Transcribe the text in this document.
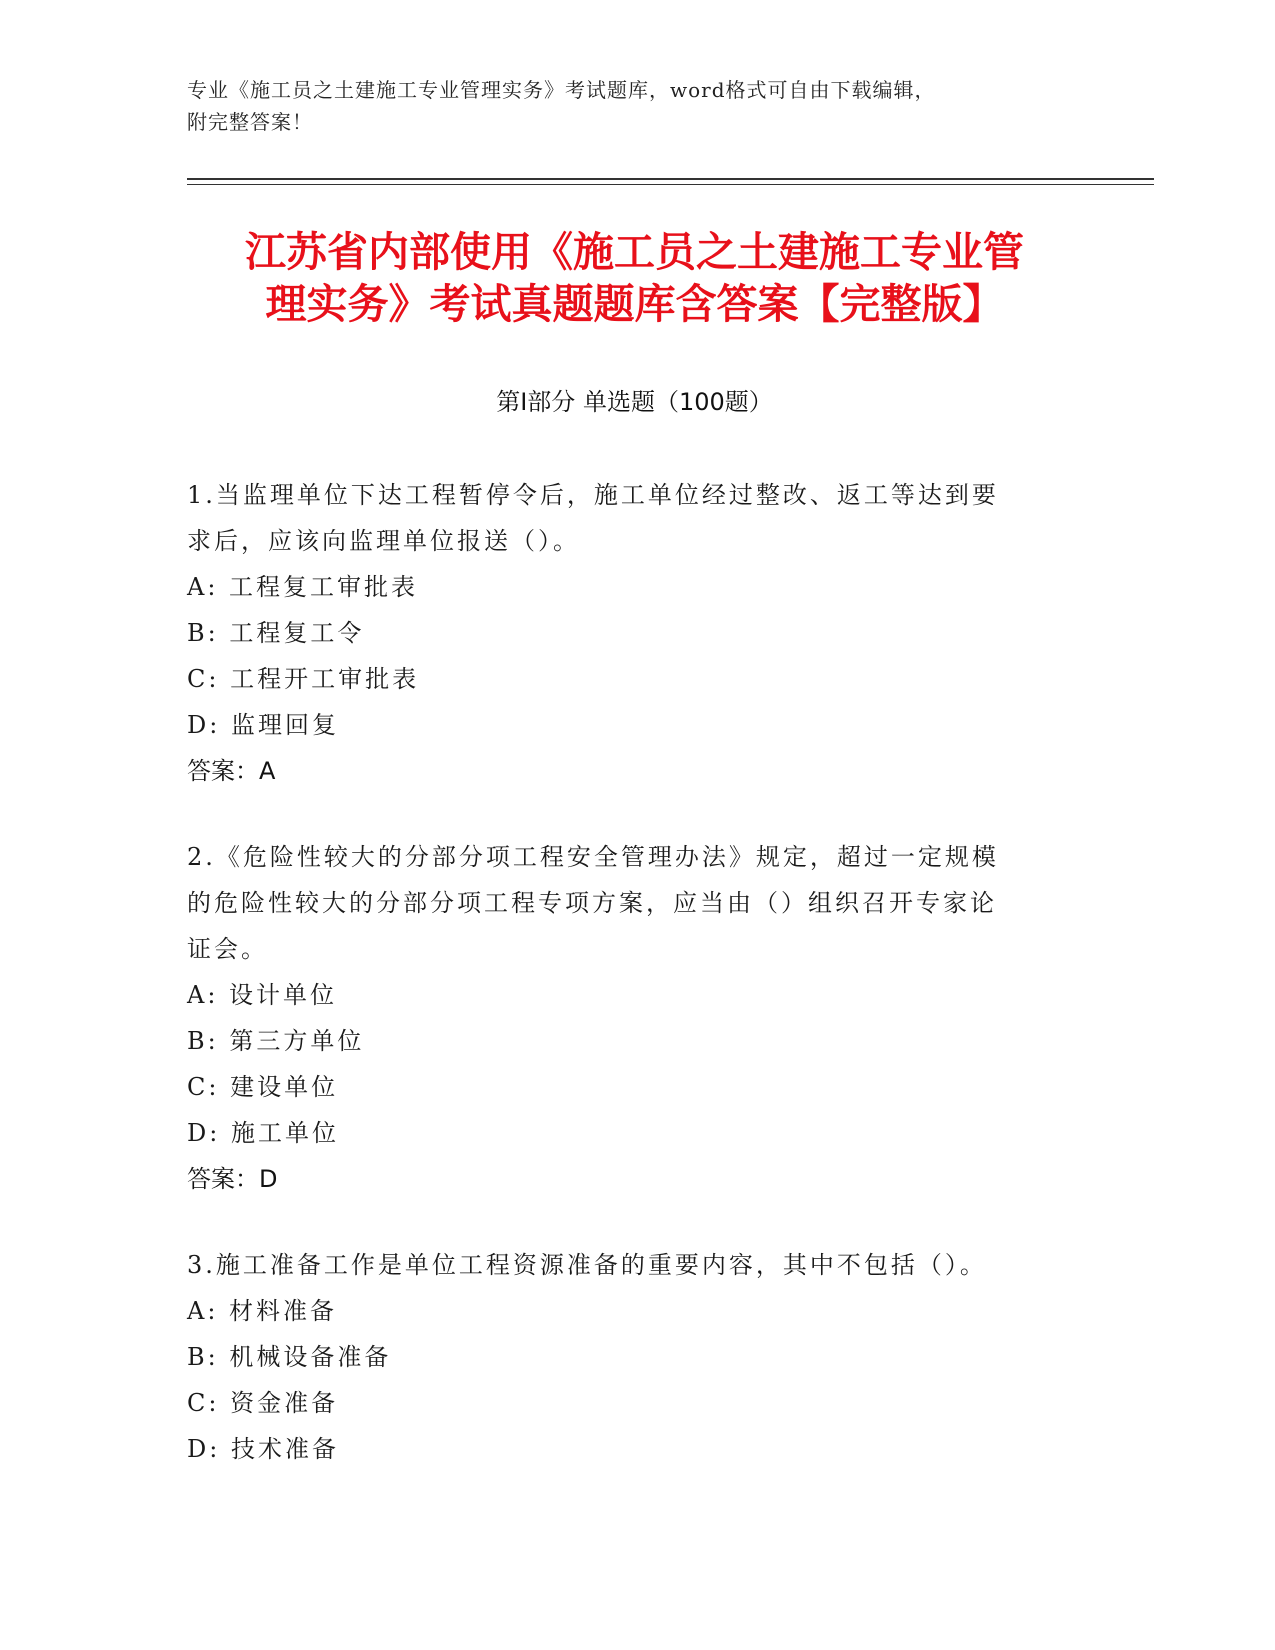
专业《施工员之土建施工专业管理实务》考试题库，word格式可自由下载编辑，
附完整答案！
江苏省内部使用《施工员之土建施工专业管
理实务》考试真题题库含答案【完整版】
第Ⅰ部分 单选题（100题）
1.当监理单位下达工程暂停令后，施工单位经过整改、返工等达到要
求后，应该向监理单位报送（）。
A: 工程复工审批表
B: 工程复工令
C: 工程开工审批表
D: 监理回复
答案：A
2.《危险性较大的分部分项工程安全管理办法》规定，超过一定规模
的危险性较大的分部分项工程专项方案，应当由（）组织召开专家论
证会。
A: 设计单位
B: 第三方单位
C: 建设单位
D: 施工单位
答案：D
3.施工准备工作是单位工程资源准备的重要内容，其中不包括（）。
A: 材料准备
B: 机械设备准备
C: 资金准备
D: 技术准备
